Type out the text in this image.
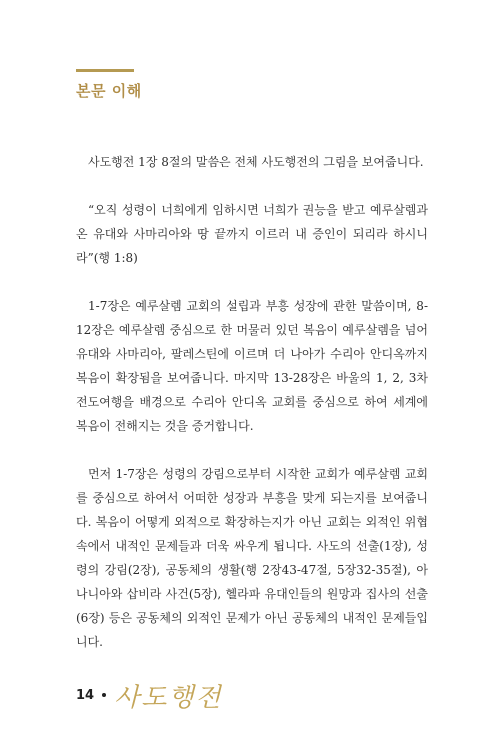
본문 이해

사도행전 1장 8절의 말씀은 전체 사도행전의 그림을 보여줍니다.

“오직 성령이 너희에게 임하시면 너희가 권능을 받고 예루살렘과 온 유대와 사마리아와 땅 끝까지 이르러 내 증인이 되리라 하시니라”(행 1:8)

1-7장은 예루살렘 교회의 설립과 부흥 성장에 관한 말씀이며, 8-12장은 예루살렘 중심으로 한 머물러 있던 복음이 예루살렘을 넘어 유대와 사마리아, 팔레스틴에 이르며 더 나아가 수리아 안디옥까지 복음이 확장됨을 보여줍니다. 마지막 13-28장은 바울의 1, 2, 3차 전도여행을 배경으로 수리아 안디옥 교회를 중심으로 하여 세계에 복음이 전해지는 것을 증거합니다.

먼저 1-7장은 성령의 강림으로부터 시작한 교회가 예루살렘 교회를 중심으로 하여서 어떠한 성장과 부흥을 맞게 되는지를 보여줍니다. 복음이 어떻게 외적으로 확장하는지가 아닌 교회는 외적인 위협 속에서 내적인 문제들과 더욱 싸우게 됩니다. 사도의 선출(1장), 성령의 강림(2장), 공동체의 생활(행 2장43-47절, 5장32-35절), 아나니아와 삽비라 사건(5장), 헬라파 유대인들의 원망과 집사의 선출(6장) 등은 공동체의 외적인 문제가 아닌 공동체의 내적인 문제들입니다.

14 사도행전
